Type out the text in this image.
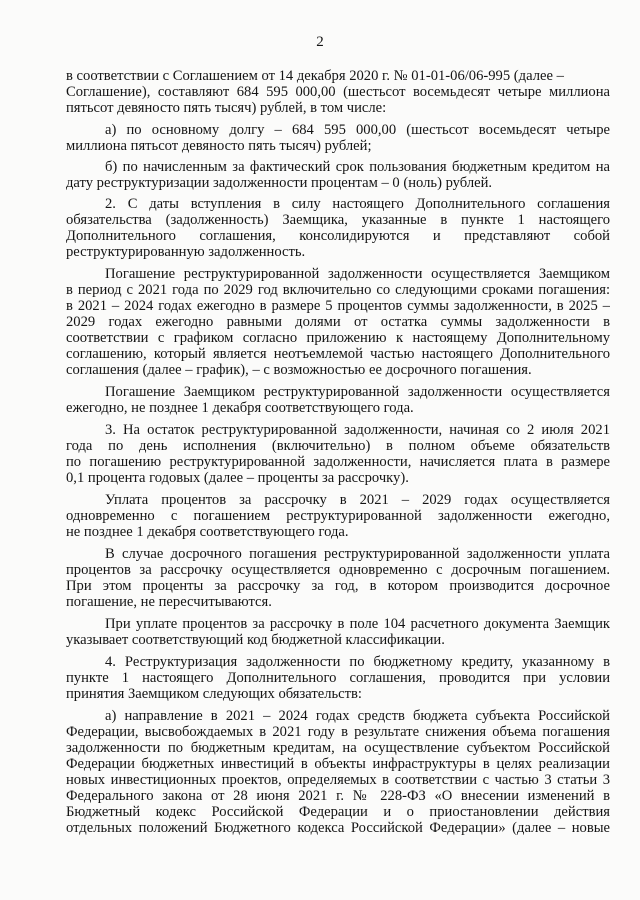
2
в соответствии с Соглашением от 14 декабря 2020 г. № 01-01-06/06-995 (далее –
Соглашение), составляют 684 595 000,00 (шестьсот восемьдесят четыре миллиона
пятьсот девяносто пять тысяч) рублей, в том числе:
а) по основному долгу – 684 595 000,00 (шестьсот восемьдесят четыре
миллиона пятьсот девяносто пять тысяч) рублей;
б) по начисленным за фактический срок пользования бюджетным кредитом на
дату реструктуризации задолженности процентам – 0 (ноль) рублей.
2. С даты вступления в силу настоящего Дополнительного соглашения
обязательства (задолженность) Заемщика, указанные в пункте 1 настоящего
Дополнительного соглашения, консолидируются и представляют собой
реструктурированную задолженность.
Погашение реструктурированной задолженности осуществляется Заемщиком
в период с 2021 года по 2029 год включительно со следующими сроками погашения:
в 2021 – 2024 годах ежегодно в размере 5 процентов суммы задолженности, в 2025 –
2029 годах ежегодно равными долями от остатка суммы задолженности в
соответствии с графиком согласно приложению к настоящему Дополнительному
соглашению, который является неотъемлемой частью настоящего Дополнительного
соглашения (далее – график), – с возможностью ее досрочного погашения.
Погашение Заемщиком реструктурированной задолженности осуществляется
ежегодно, не позднее 1 декабря соответствующего года.
3. На остаток реструктурированной задолженности, начиная со 2 июля 2021
года по день исполнения (включительно) в полном объеме обязательств
по погашению реструктурированной задолженности, начисляется плата в размере
0,1 процента годовых (далее – проценты за рассрочку).
Уплата процентов за рассрочку в 2021 – 2029 годах осуществляется
одновременно с погашением реструктурированной задолженности ежегодно,
не позднее 1 декабря соответствующего года.
В случае досрочного погашения реструктурированной задолженности уплата
процентов за рассрочку осуществляется одновременно с досрочным погашением.
При этом проценты за рассрочку за год, в котором производится досрочное
погашение, не пересчитываются.
При уплате процентов за рассрочку в поле 104 расчетного документа Заемщик
указывает соответствующий код бюджетной классификации.
4. Реструктуризация задолженности по бюджетному кредиту, указанному в
пункте 1 настоящего Дополнительного соглашения, проводится при условии
принятия Заемщиком следующих обязательств:
а) направление в 2021 – 2024 годах средств бюджета субъекта Российской
Федерации, высвобождаемых в 2021 году в результате снижения объема погашения
задолженности по бюджетным кредитам, на осуществление субъектом Российской
Федерации бюджетных инвестиций в объекты инфраструктуры в целях реализации
новых инвестиционных проектов, определяемых в соответствии с частью 3 статьи 3
Федерального закона от 28 июня 2021 г. № 228-ФЗ «О внесении изменений в
Бюджетный кодекс Российской Федерации и о приостановлении действия
отдельных положений Бюджетного кодекса Российской Федерации» (далее – новые
